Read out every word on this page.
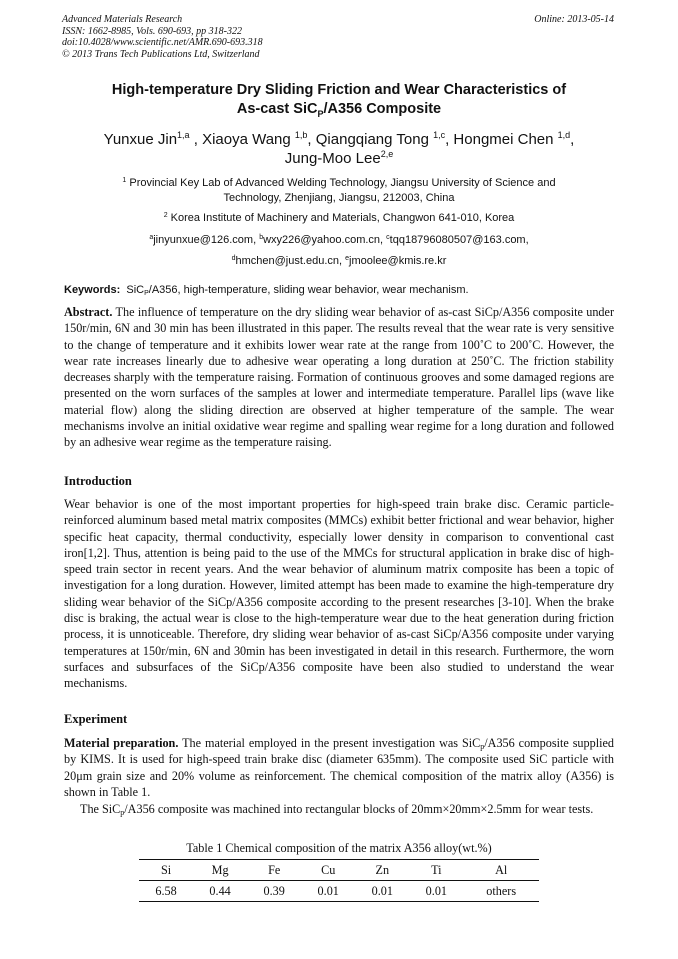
Advanced Materials Research
ISSN: 1662-8985, Vols. 690-693, pp 318-322
doi:10.4028/www.scientific.net/AMR.690-693.318
© 2013 Trans Tech Publications Ltd, Switzerland
Online: 2013-05-14
High-temperature Dry Sliding Friction and Wear Characteristics of
As-cast SiC$_P$/A356 Composite
Yunxue Jin$^{1,a}$ , Xiaoya Wang $^{1,b}$, Qiangqiang Tong $^{1,c}$, Hongmei Chen $^{1,d}$,
Jung-Moo Lee$^{2,e}$
$^1$ Provincial Key Lab of Advanced Welding Technology, Jiangsu University of Science and
Technology, Zhenjiang, Jiangsu, 212003, China
$^2$ Korea Institute of Machinery and Materials, Changwon 641-010, Korea
$^a$jinyunxue@126.com, $^b$wxy226@yahoo.com.cn, $^c$tqq18796080507@163.com,
$^d$hmchen@just.edu.cn, $^e$jmoolee@kmis.re.kr
Keywords: SiC$_P$/A356, high-temperature, sliding wear behavior, wear mechanism.
Abstract. The influence of temperature on the dry sliding wear behavior of as-cast SiCp/A356 composite under 150r/min, 6N and 30 min has been illustrated in this paper. The results reveal that the wear rate is very sensitive to the change of temperature and it exhibits lower wear rate at the range from 100˚C to 200˚C. However, the wear rate increases linearly due to adhesive wear operating a long duration at 250˚C. The friction stability decreases sharply with the temperature raising. Formation of continuous grooves and some damaged regions are presented on the worn surfaces of the samples at lower and intermediate temperature. Parallel lips (wave like material flow) along the sliding direction are observed at higher temperature of the sample. The wear mechanisms involve an initial oxidative wear regime and spalling wear regime for a long duration and followed by an adhesive wear regime as the temperature raising.
Introduction
Wear behavior is one of the most important properties for high-speed train brake disc. Ceramic particle-reinforced aluminum based metal matrix composites (MMCs) exhibit better frictional and wear behavior, higher specific heat capacity, thermal conductivity, especially lower density in comparison to conventional cast iron[1,2]. Thus, attention is being paid to the use of the MMCs for structural application in brake disc of high-speed train sector in recent years. And the wear behavior of aluminum matrix composite has been a topic of investigation for a long duration. However, limited attempt has been made to examine the high-temperature dry sliding wear behavior of the SiCp/A356 composite according to the present researches [3-10]. When the brake disc is braking, the actual wear is close to the high-temperature wear due to the heat generation during friction process, it is unnoticeable. Therefore, dry sliding wear behavior of as-cast SiCp/A356 composite under varying temperatures at 150r/min, 6N and 30min has been investigated in detail in this research. Furthermore, the worn surfaces and subsurfaces of the SiCp/A356 composite have been also studied to understand the wear mechanisms.
Experiment
Material preparation. The material employed in the present investigation was SiC$_p$/A356 composite supplied by KIMS. It is used for high-speed train brake disc (diameter 635mm). The composite used SiC particle with 20μm grain size and 20% volume as reinforcement. The chemical composition of the matrix alloy (A356) is shown in Table 1.
The SiC$_p$/A356 composite was machined into rectangular blocks of 20mm×20mm×2.5mm for wear tests.
Table 1 Chemical composition of the matrix A356 alloy(wt.%)
Si	Mg	Fe	Cu	Zn	Ti	Al
6.58	0.44	0.39	0.01	0.01	0.01	others
